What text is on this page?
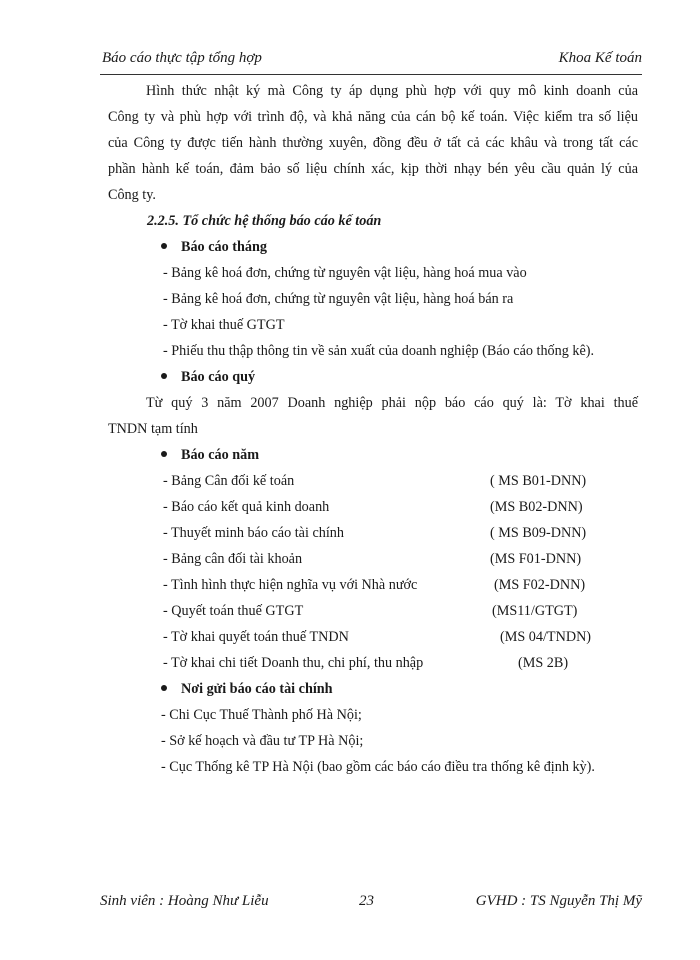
Báo cáo thực tập tổng hợp	Khoa Kế toán
Hình thức nhật ký mà Công ty áp dụng phù hợp với quy mô kinh doanh của
Công ty và phù hợp với trình độ, và khả năng của cán bộ kế toán. Việc kiểm tra số liệu
của Công ty được tiến hành thường xuyên, đồng đều ở tất cả các khâu và trong tất các
phần hành kế toán, đảm bảo số liệu chính xác, kịp thời nhạy bén yêu cầu quản lý của
Công ty.
2.2.5. Tổ chức hệ thống báo cáo kế toán
Báo cáo tháng
- Bảng kê hoá đơn, chứng từ nguyên vật liệu, hàng hoá mua vào
- Bảng kê hoá đơn, chứng từ nguyên vật liệu, hàng hoá bán ra
- Tờ khai thuế GTGT
- Phiếu thu thập thông tin về sản xuất của doanh nghiệp (Báo cáo thống kê).
Báo cáo quý
Từ quý 3 năm 2007 Doanh nghiệp phải nộp báo cáo quý là: Tờ khai thuế
TNDN tạm tính
Báo cáo năm
- Bảng Cân đối kế toán	( MS B01-DNN)
- Báo cáo kết quả kinh doanh	(MS B02-DNN)
- Thuyết minh báo cáo tài chính	( MS B09-DNN)
- Bảng cân đối tài khoản	(MS F01-DNN)
- Tình hình thực hiện nghĩa vụ với Nhà nước	(MS F02-DNN)
- Quyết toán thuế GTGT	(MS11/GTGT)
- Tờ khai quyết toán thuế TNDN	(MS 04/TNDN)
- Tờ khai chi tiết Doanh thu, chi phí, thu nhập	(MS 2B)
Nơi gửi báo cáo tài chính
- Chi Cục Thuế Thành phố Hà Nội;
- Sở kế hoạch và đầu tư TP Hà Nội;
- Cục Thống kê TP Hà Nội (bao gồm các báo cáo điều tra thống kê định kỳ).
Sinh viên : Hoàng Như Liễu	23	GVHD : TS Nguyễn Thị Mỹ
